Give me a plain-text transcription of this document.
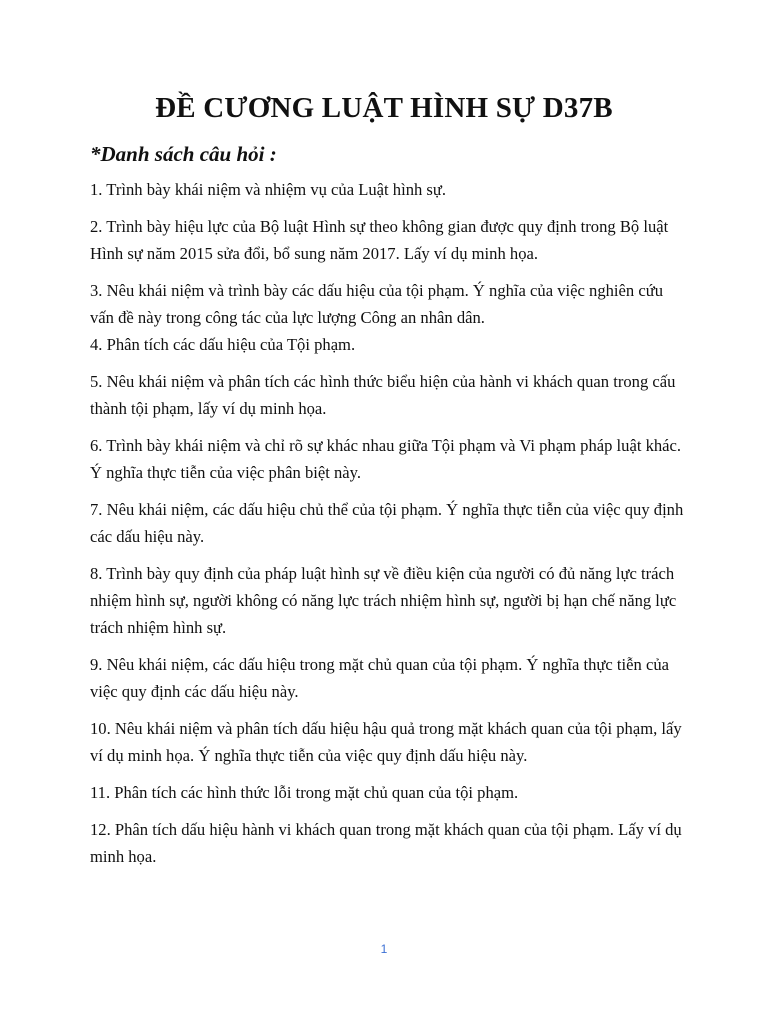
ĐỀ CƯƠNG LUẬT HÌNH SỰ D37B

*Danh sách câu hỏi :

1. Trình bày khái niệm và nhiệm vụ của Luật hình sự.
2. Trình bày hiệu lực của Bộ luật Hình sự theo không gian được quy định trong Bộ luật Hình sự năm 2015 sửa đổi, bổ sung năm 2017. Lấy ví dụ minh họa.
3. Nêu khái niệm và trình bày các dấu hiệu của tội phạm. Ý nghĩa của việc nghiên cứu vấn đề này trong công tác của lực lượng Công an nhân dân.
4. Phân tích các dấu hiệu của Tội phạm.
5. Nêu khái niệm và phân tích các hình thức biểu hiện của hành vi khách quan trong cấu thành tội phạm, lấy ví dụ minh họa.
6. Trình bày khái niệm và chỉ rõ sự khác nhau giữa Tội phạm và Vi phạm pháp luật khác. Ý nghĩa thực tiễn của việc phân biệt này.
7. Nêu khái niệm, các dấu hiệu chủ thể của tội phạm. Ý nghĩa thực tiễn của việc quy định các dấu hiệu này.
8. Trình bày quy định của pháp luật hình sự về điều kiện của người có đủ năng lực trách nhiệm hình sự, người không có năng lực trách nhiệm hình sự, người bị hạn chế năng lực trách nhiệm hình sự.
9. Nêu khái niệm, các dấu hiệu trong mặt chủ quan của tội phạm. Ý nghĩa thực tiễn của việc quy định các dấu hiệu này.
10. Nêu khái niệm và phân tích dấu hiệu hậu quả trong mặt khách quan của tội phạm, lấy ví dụ minh họa. Ý nghĩa thực tiễn của việc quy định dấu hiệu này.
11. Phân tích các hình thức lỗi trong mặt chủ quan của tội phạm.
12. Phân tích dấu hiệu hành vi khách quan trong mặt khách quan của tội phạm. Lấy ví dụ minh họa.
1
